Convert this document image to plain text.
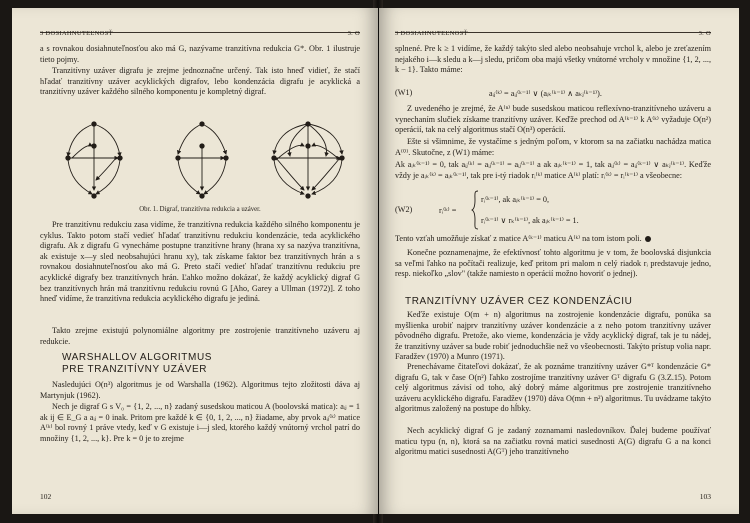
3 DOSIAHNUTEĽNOSŤ	3. O
a s rovnakou dosiahnuteľnosťou ako má G, nazývame tranzitívna redukcia G*. Obr. 1 ilustruje tieto pojmy.
Tranzitívny uzáver digrafu je zrejme jednoznačne určený. Tak isto hneď vidieť, že stačí hľadať tranzitívny uzáver acyklických digrafov, lebo kondenzácia digrafu je acyklická a tranzitívny uzáver každého silného komponentu je kompletný digraf.
Obr. 1. Digraf, tranzitívna redukcia a uzáver.
Pre tranzitívnu redukciu zasa vidíme, že tranzitívna redukcia každého silného komponentu je cyklus. Takto potom stačí vedieť hľadať tranzitívnu redukciu kondenzácie, teda acyklického digrafu. Ak z digrafu G vynecháme postupne tranzitívne hrany (hrana xy sa nazýva tranzitívna, ak existuje x—y sled neobsahujúci hranu xy), tak získame faktor bez tranzitívnych hrán a s rovnakou dosiahnuteľnosťou ako má G. Preto stačí vedieť hľadať tranzitívnu redukciu pre acyklické digrafy bez tranzitívnych hrán. Ľahko možno dokázať, že každý acyklický digraf G bez tranzitívnych hrán má tranzitívnu redukciu rovnú G [Aho, Garey a Ullman (1972)]. Z toho hneď vidíme, že tranzitívna redukcia acyklického digrafu je jediná.
Takto zrejme existujú polynomiálne algoritmy pre zostrojenie tranzitívneho uzáveru aj redukcie.
WARSHALLOV ALGORITMUS
PRE TRANZITÍVNY UZÁVER
Nasledujúci O(n³) algoritmus je od Warshalla (1962). Algoritmus tejto zložitosti dáva aj Martynjuk (1962).
Nech je digraf G s V₀ = {1, 2, ..., n} zadaný susedskou maticou A (boolovská matica): aᵢⱼ = 1 ak ij ∈ E_G a aᵢⱼ = 0 inak. Pritom pre každé k ∈ {0, 1, 2, ..., n} žiadame, aby prvok aᵢⱼ⁽ᵏ⁾ matice A⁽ᵏ⁾ bol rovný 1 práve vtedy, keď v G existuje i—j sled, ktorého každý vnútorný vrchol patrí do množiny {1, 2, ..., k}. Pre k = 0 je to zrejme
102
3 DOSIAHNUTEĽNOSŤ	3. O
splnené. Pre k ≥ 1 vidíme, že každý takýto sled alebo neobsahuje vrchol k, alebo je zreťazením nejakého i—k sledu a k—j sledu, pričom oba majú všetky vnútorné vrcholy v množine {1, 2, ..., k − 1}. Takto máme:
(W1)	aᵢⱼ⁽ᵏ⁾ = aᵢⱼ⁽ᵏ⁻¹⁾ ∨ (aᵢₖ⁽ᵏ⁻¹⁾ ∧ aₖⱼ⁽ᵏ⁻¹⁾).
Z uvedeného je zrejmé, že A⁽ⁿ⁾ bude susedskou maticou reflexívno-tranzitívneho uzáveru a vynechaním slučiek získame tranzitívny uzáver. Keďže prechod od A⁽ᵏ⁻¹⁾ k A⁽ᵏ⁾ vyžaduje O(n²) operácií, tak na celý algoritmus stačí O(n³) operácií.
Ešte si všimnime, že vystačíme s jedným poľom, v ktorom sa na začiatku nachádza matica A⁽⁰⁾. Skutočne, z (W1) máme:
Ak aᵢₖ⁽ᵏ⁻¹⁾ = 0, tak aᵢⱼ⁽ᵏ⁾ = aᵢⱼ⁽ᵏ⁻¹⁾ = aᵢⱼ⁽ᵏ⁻¹⁾ a ak aᵢₖ⁽ᵏ⁻¹⁾ = 1, tak aᵢⱼ⁽ᵏ⁾ = aᵢⱼ⁽ᵏ⁻¹⁾ ∨ aₖⱼ⁽ᵏ⁻¹⁾. Keďže vždy je aᵢₖ⁽ᵏ⁾ = aᵢₖ⁽ᵏ⁻¹⁾, tak pre i-tý riadok rᵢ⁽ᵏ⁾ matice A⁽ᵏ⁾ platí: rᵢ⁽ᵏ⁾ = rᵢ⁽ᵏ⁻¹⁾ a všeobecne:
(W2)	rᵢ⁽ᵏ⁾ =
rᵢ⁽ᵏ⁻¹⁾, ak aᵢₖ⁽ᵏ⁻¹⁾ = 0,
rᵢ⁽ᵏ⁻¹⁾ ∨ rₖ⁽ᵏ⁻¹⁾, ak aᵢₖ⁽ᵏ⁻¹⁾ = 1.
Tento vzťah umožňuje získať z matice A⁽ᵏ⁻¹⁾ maticu A⁽ᵏ⁾ na tom istom poli.
Konečne poznamenajme, že efektívnosť tohto algoritmu je v tom, že boolovská disjunkcia sa veľmi ľahko na počítači realizuje, keď pritom pri malom n celý riadok rᵢ predstavuje jedno, resp. niekoľko „slov" (takže namiesto n operácií možno hovoriť o jednej).
TRANZITÍVNY UZÁVER CEZ KONDENZÁCIU
Keďže existuje O(m + n) algoritmus na zostrojenie kondenzácie digrafu, ponúka sa myšlienka urobiť najprv tranzitívny uzáver kondenzácie a z neho potom tranzitívny uzáver pôvodného digrafu. Pretože, ako vieme, kondenzácia je vždy acyklický digraf, tak je tu nádej, že tranzitívny uzáver sa bude robiť jednoduchšie než vo všeobecnosti. Takýto prístup volia napr. Faradžev (1970) a Munro (1971).
Prenechávame čitateľovi dokázať, že ak poznáme tranzitívny uzáver G*ᵀ kondenzácie G* digrafu G, tak v čase O(n²) ľahko zostrojíme tranzitívny uzáver Gᵀ digrafu G (3.Z.15). Potom celý algoritmus závisí od toho, aký dobrý máme algoritmus pre zostrojenie tranzitívneho uzáveru acyklického digrafu. Faradžev (1970) dáva O(mn + n²) algoritmus. Tu uvádzame takýto algoritmus založený na postupe do hĺbky.
Nech acyklický digraf G je zadaný zoznamami nasledovníkov. Ďalej budeme používať maticu typu (n, n), ktorá sa na začiatku rovná matici susednosti A(G) digrafu G a na konci algoritmu matici susednosti A(Gᵀ) jeho tranzitívneho
103
